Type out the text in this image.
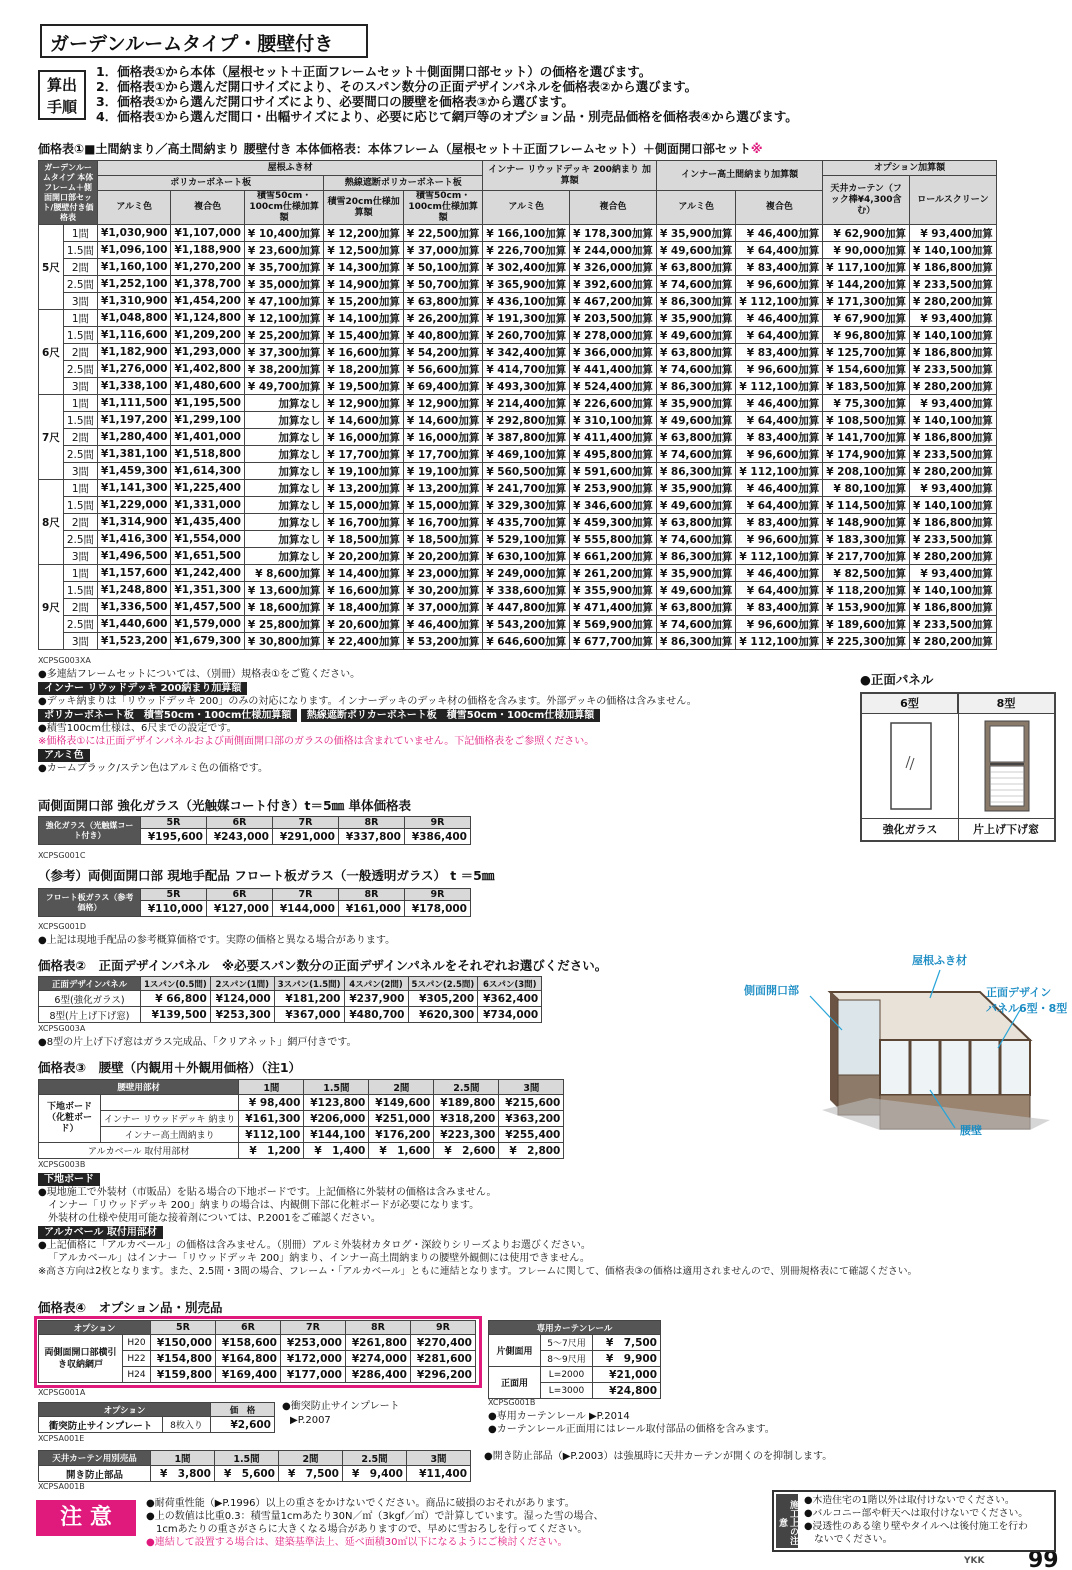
ガーデンルームタイプ・腰壁付き
算出
手順
1．価格表①から本体（屋根セット＋正面フレームセット＋側面開口部セット）の価格を選びます。
2．価格表①から選んだ開口サイズにより、そのスパン数分の正面デザインパネルを価格表②から選びます。
3．価格表①から選んだ開口サイズにより、必要間口の腰壁を価格表③から選びます。
4．価格表①から選んだ間口・出幅サイズにより、必要に応じて網戸等のオプション品・別売品価格を価格表④から選びます。
価格表①■土間納まり／高土間納まり 腰壁付き 本体価格表：本体フレーム（屋根セット＋正面フレームセット）＋側面開口部セット※
ガーデンルームタイプ 本体フレーム＋側面開口部セット/腰壁付き価格表		屋根ふき材					インナー リウッドデッキ 200納まり 加算額		インナー高土間納まり加算額		オプション加算額	
		ポリカーボネート板			熱線遮断ポリカーボネート板						天井カーテン（フック棒¥4,300含む）	ロールスクリーン
		アルミ色	複合色	積雪50cm・100cm仕様加算額	積雪20cm仕様加算額	積雪50cm・100cm仕様加算額	アルミ色	複合色	アルミ色	複合色		
5尺	1間	¥1,030,900	¥1,107,000	¥ 10,400加算	¥ 12,200加算	¥ 22,500加算	¥ 166,100加算	¥ 178,300加算	¥ 35,900加算	¥ 46,400加算	¥ 62,900加算	¥ 93,400加算
	1.5間	¥1,096,100	¥1,188,900	¥ 23,600加算	¥ 12,500加算	¥ 37,000加算	¥ 226,700加算	¥ 244,000加算	¥ 49,600加算	¥ 64,400加算	¥ 90,000加算	¥ 140,100加算
	2間	¥1,160,100	¥1,270,200	¥ 35,700加算	¥ 14,300加算	¥ 50,100加算	¥ 302,400加算	¥ 326,000加算	¥ 63,800加算	¥ 83,400加算	¥ 117,100加算	¥ 186,800加算
	2.5間	¥1,252,100	¥1,378,700	¥ 35,000加算	¥ 14,900加算	¥ 50,700加算	¥ 365,900加算	¥ 392,600加算	¥ 74,600加算	¥ 96,600加算	¥ 144,200加算	¥ 233,500加算
	3間	¥1,310,900	¥1,454,200	¥ 47,100加算	¥ 15,200加算	¥ 63,800加算	¥ 436,100加算	¥ 467,200加算	¥ 86,300加算	¥ 112,100加算	¥ 171,300加算	¥ 280,200加算
6尺	1間	¥1,048,800	¥1,124,800	¥ 12,100加算	¥ 14,100加算	¥ 26,200加算	¥ 191,300加算	¥ 203,500加算	¥ 35,900加算	¥ 46,400加算	¥ 67,900加算	¥ 93,400加算
	1.5間	¥1,116,600	¥1,209,200	¥ 25,200加算	¥ 15,400加算	¥ 40,800加算	¥ 260,700加算	¥ 278,000加算	¥ 49,600加算	¥ 64,400加算	¥ 96,800加算	¥ 140,100加算
	2間	¥1,182,900	¥1,293,000	¥ 37,300加算	¥ 16,600加算	¥ 54,200加算	¥ 342,400加算	¥ 366,000加算	¥ 63,800加算	¥ 83,400加算	¥ 125,700加算	¥ 186,800加算
	2.5間	¥1,276,000	¥1,402,800	¥ 38,200加算	¥ 18,200加算	¥ 56,600加算	¥ 414,700加算	¥ 441,400加算	¥ 74,600加算	¥ 96,600加算	¥ 154,600加算	¥ 233,500加算
	3間	¥1,338,100	¥1,480,600	¥ 49,700加算	¥ 19,500加算	¥ 69,400加算	¥ 493,300加算	¥ 524,400加算	¥ 86,300加算	¥ 112,100加算	¥ 183,500加算	¥ 280,200加算
7尺	1間	¥1,111,500	¥1,195,500	加算なし	¥ 12,900加算	¥ 12,900加算	¥ 214,400加算	¥ 226,600加算	¥ 35,900加算	¥ 46,400加算	¥ 75,300加算	¥ 93,400加算
	1.5間	¥1,197,200	¥1,299,100	加算なし	¥ 14,600加算	¥ 14,600加算	¥ 292,800加算	¥ 310,100加算	¥ 49,600加算	¥ 64,400加算	¥ 108,500加算	¥ 140,100加算
	2間	¥1,280,400	¥1,401,000	加算なし	¥ 16,000加算	¥ 16,000加算	¥ 387,800加算	¥ 411,400加算	¥ 63,800加算	¥ 83,400加算	¥ 141,700加算	¥ 186,800加算
	2.5間	¥1,381,100	¥1,518,800	加算なし	¥ 17,700加算	¥ 17,700加算	¥ 469,100加算	¥ 495,800加算	¥ 74,600加算	¥ 96,600加算	¥ 174,900加算	¥ 233,500加算
	3間	¥1,459,300	¥1,614,300	加算なし	¥ 19,100加算	¥ 19,100加算	¥ 560,500加算	¥ 591,600加算	¥ 86,300加算	¥ 112,100加算	¥ 208,100加算	¥ 280,200加算
8尺	1間	¥1,141,300	¥1,225,400	加算なし	¥ 13,200加算	¥ 13,200加算	¥ 241,700加算	¥ 253,900加算	¥ 35,900加算	¥ 46,400加算	¥ 80,100加算	¥ 93,400加算
	1.5間	¥1,229,000	¥1,331,000	加算なし	¥ 15,000加算	¥ 15,000加算	¥ 329,300加算	¥ 346,600加算	¥ 49,600加算	¥ 64,400加算	¥ 114,500加算	¥ 140,100加算
	2間	¥1,314,900	¥1,435,400	加算なし	¥ 16,700加算	¥ 16,700加算	¥ 435,700加算	¥ 459,300加算	¥ 63,800加算	¥ 83,400加算	¥ 148,900加算	¥ 186,800加算
	2.5間	¥1,416,300	¥1,554,000	加算なし	¥ 18,500加算	¥ 18,500加算	¥ 529,100加算	¥ 555,800加算	¥ 74,600加算	¥ 96,600加算	¥ 183,300加算	¥ 233,500加算
	3間	¥1,496,500	¥1,651,500	加算なし	¥ 20,200加算	¥ 20,200加算	¥ 630,100加算	¥ 661,200加算	¥ 86,300加算	¥ 112,100加算	¥ 217,700加算	¥ 280,200加算
9尺	1間	¥1,157,600	¥1,242,400	¥ 8,600加算	¥ 14,400加算	¥ 23,000加算	¥ 249,000加算	¥ 261,200加算	¥ 35,900加算	¥ 46,400加算	¥ 82,500加算	¥ 93,400加算
	1.5間	¥1,248,800	¥1,351,300	¥ 13,600加算	¥ 16,600加算	¥ 30,200加算	¥ 338,600加算	¥ 355,900加算	¥ 49,600加算	¥ 64,400加算	¥ 118,200加算	¥ 140,100加算
	2間	¥1,336,500	¥1,457,500	¥ 18,600加算	¥ 18,400加算	¥ 37,000加算	¥ 447,800加算	¥ 471,400加算	¥ 63,800加算	¥ 83,400加算	¥ 153,900加算	¥ 186,800加算
	2.5間	¥1,440,600	¥1,579,000	¥ 25,800加算	¥ 20,600加算	¥ 46,400加算	¥ 543,200加算	¥ 569,900加算	¥ 74,600加算	¥ 96,600加算	¥ 189,600加算	¥ 233,500加算
	3間	¥1,523,200	¥1,679,300	¥ 30,800加算	¥ 22,400加算	¥ 53,200加算	¥ 646,600加算	¥ 677,700加算	¥ 86,300加算	¥ 112,100加算	¥ 225,300加算	¥ 280,200加算
XCPSG003XA
●多連結フレームセットについては、（別冊）規格表①をご覧ください。
インナー リウッドデッキ 200納まり加算額
●デッキ納まりは「リウッドデッキ 200」のみの対応になります。インナーデッキのデッキ材の価格を含みます。外部デッキの価格は含みません。
ポリカーボネート板　積雪50cm・100cm仕様加算額 熱線遮断ポリカーボネート板　積雪50cm・100cm仕様加算額
●積雪100cm仕様は、6尺までの設定です。
※価格表①には正面デザインパネルおよび両側面開口部のガラスの価格は含まれていません。下記価格表をご参照ください。
アルミ色
●カームブラック/ステン色はアルミ色の価格です。
●正面パネル
6型	8型
強化ガラス	片上げ下げ窓
両側面開口部 強化ガラス（光触媒コート付き）t＝5㎜ 単体価格表
強化ガラス（光触媒コート付き）	5R	6R	7R	8R	9R
	¥195,600	¥243,000	¥291,000	¥337,800	¥386,400
XCPSG001C
（参考）両側面開口部 現地手配品 フロート板ガラス（一般透明ガラス） t ＝5㎜
フロート板ガラス（参考価格）	5R	6R	7R	8R	9R
	¥110,000	¥127,000	¥144,000	¥161,000	¥178,000
XCPSG001D
●上記は現地手配品の参考概算価格です。実際の価格と異なる場合があります。
価格表②　正面デザインパネル　※必要スパン数分の正面デザインパネルをそれぞれお選びください。
正面デザインパネル	1スパン(0.5間)	2スパン(1間)	3スパン(1.5間)	4スパン(2間)	5スパン(2.5間)	6スパン(3間)
6型(強化ガラス)	¥ 66,800	¥124,000	¥181,200	¥237,900	¥305,200	¥362,400
8型(片上げ下げ窓)	¥139,500	¥253,300	¥367,000	¥480,700	¥620,300	¥734,000
XCPSG003A
●8型の片上げ下げ窓はガラス完成品、「クリアネット」網戸付きです。
屋根ふき材
側面開口部	正面デザイン
パネル6型・8型
腰壁
価格表③　腰壁（内観用＋外観用価格）（注1）
腰壁用部材		1間	1.5間	2間	2.5間	3間
下地ボード（化粧ボード）		¥ 98,400	¥123,800	¥149,600	¥189,800	¥215,600
	インナー リウッドデッキ 納まり	¥161,300	¥206,000	¥251,000	¥318,200	¥363,200
	インナー高土間納まり	¥112,100	¥144,100	¥176,200	¥223,300	¥255,400
アルカベール 取付用部材		¥　1,200	¥　1,400	¥　1,600	¥　2,600	¥　2,800
XCPSG003B
下地ボード
●現地施工で外装材（市販品）を貼る場合の下地ボードです。上記価格に外装材の価格は含みません。
インナー「リウッドデッキ 200」納まりの場合は、内観側下部に化粧ボードが必要になります。
外装材の仕様や使用可能な接着剤については、P.2001をご確認ください。
アルカベール 取付用部材
●上記価格に「アルカベール」の価格は含みません。（別冊）アルミ外装材カタログ・深絞りシリーズよりお選びください。
「アルカベール」はインナー「リウッドデッキ 200」納まり、インナー高土間納まりの腰壁外観側には使用できません。
※高さ方向は2枚となります。また、2.5間・3間の場合、フレーム・「アルカベール」ともに連結となります。フレームに関して、価格表③の価格は適用されませんので、別冊規格表にて確認ください。
価格表④　オプション品・別売品
オプション		5R	6R	7R	8R	9R
両側面開口部横引き収納網戸	H20	¥150,000	¥158,600	¥253,000	¥261,800	¥270,400
	H22	¥154,800	¥164,800	¥172,000	¥274,000	¥281,600
	H24	¥159,800	¥169,400	¥177,000	¥286,400	¥296,200
XCPSG001A
専用カーテンレール		
片側面用	5〜7尺用	¥　7,500
	8〜9尺用	¥　9,900
正面用	L=2000	¥21,000
	L=3000	¥24,800
XCPSG001B
●専用カーテンレール ▶P.2014
●カーテンレール正面用にはレール取付部品の価格を含みます。
オプション		価　格
衝突防止サインプレート	8枚入り	¥2,600
XCPSA001E
●衝突防止サインプレート
▶P.2007
天井カーテン用別売品	1間	1.5間	2間	2.5間	3間
開き防止部品	¥　3,800	¥　5,600	¥　7,500	¥　9,400	¥11,400
XCPSA001B
●開き防止部品（▶P.2003）は強風時に天井カーテンが開くのを抑制します。
注 意
●耐荷重性能（▶P.1996）以上の重さをかけないでください。商品に破損のおそれがあります。
●上の数値は比重0.3：積雪量1cmあたり30N／㎡（3kgf／㎡）で計算しています。湿った雪の場合、
1cmあたりの重さがさらに大きくなる場合がありますので、早めに雪おろしを行ってください。
●連結して設置する場合は、建築基準法上、延べ面積30㎡以下になるようにご検討ください。	施工上の注意
●木造住宅の1階以外は取付けないでください。
●バルコニー部や軒天へは取付けないでください。
●浸透性のある塗り壁やタイルへは後付施工を行わ
ないでください。
YKK 99
